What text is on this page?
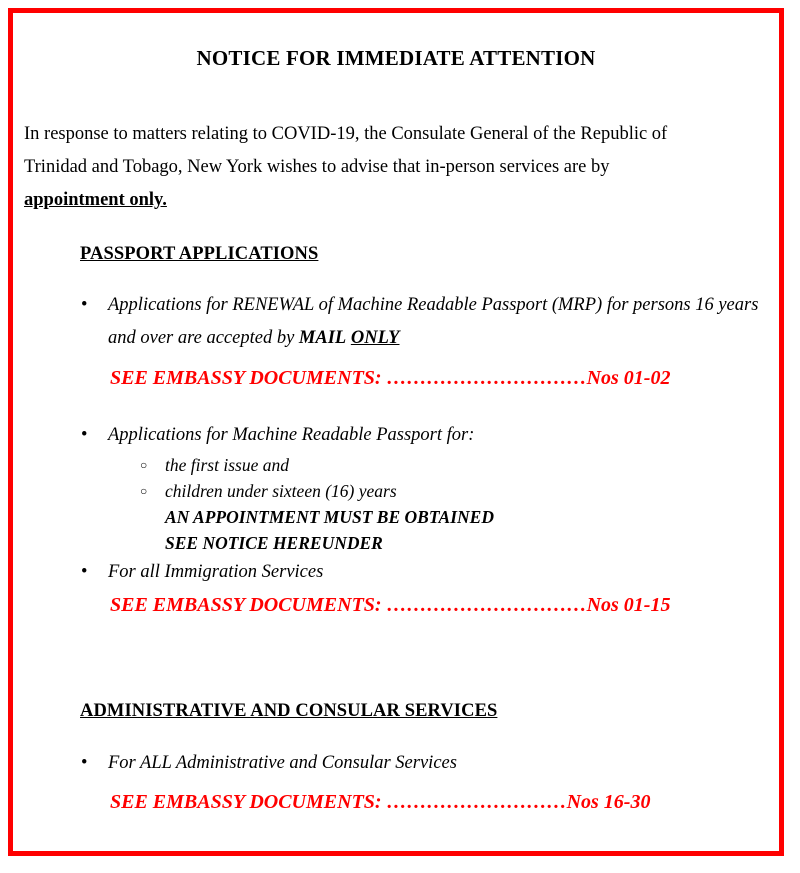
NOTICE FOR IMMEDIATE ATTENTION
In response to matters relating to COVID-19, the Consulate General of the Republic of
Trinidad and Tobago, New York wishes to advise that in-person services are by
appointment only.
PASSPORT APPLICATIONS
• Applications for RENEWAL of Machine Readable Passport (MRP) for persons 16 years and over are accepted by MAIL ONLY
SEE EMBASSY DOCUMENTS: …………………………Nos 01-02
• Applications for Machine Readable Passport for:
○ the first issue and
○ children under sixteen (16) years
AN APPOINTMENT MUST BE OBTAINED
SEE NOTICE HEREUNDER
• For all Immigration Services
SEE EMBASSY DOCUMENTS: …………………………Nos 01-15
ADMINISTRATIVE AND CONSULAR SERVICES
• For ALL Administrative and Consular Services
SEE EMBASSY DOCUMENTS: ………………………Nos 16-30
